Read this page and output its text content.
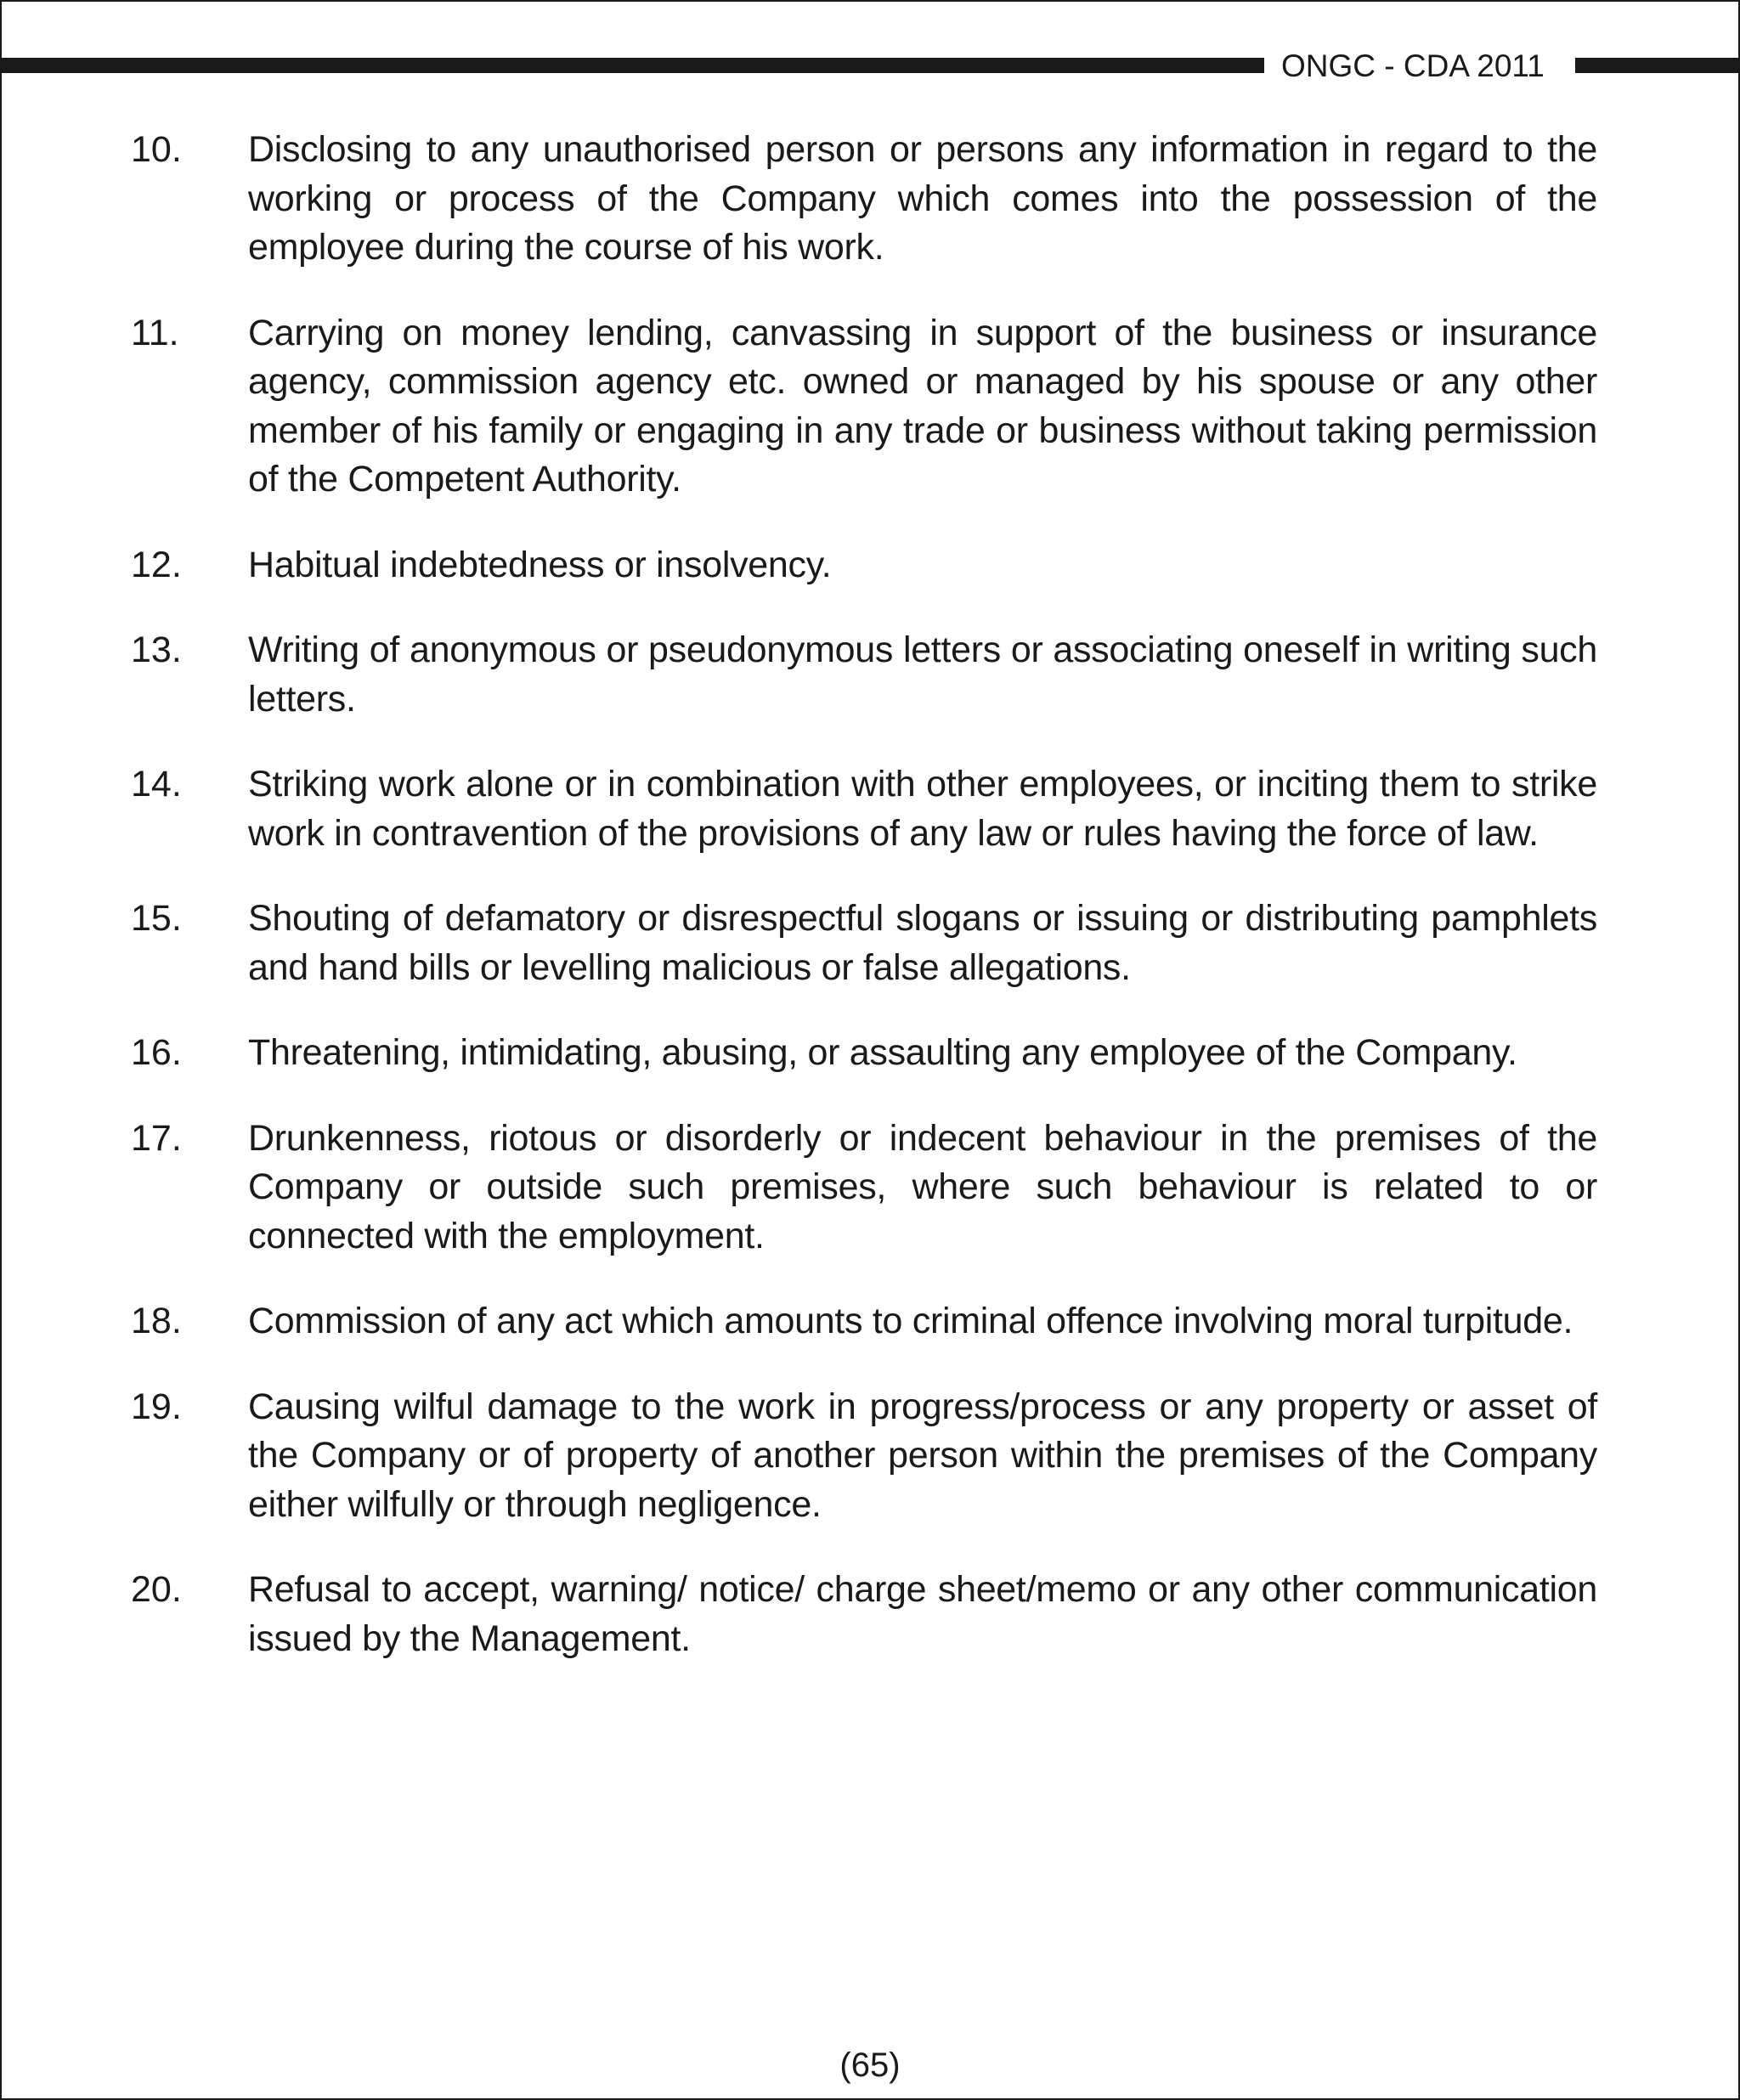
ONGC - CDA 2011
10.	Disclosing to any unauthorised person or persons any information in regard to the working or process of the Company which comes into the possession of the employee during the course of his work.
11.	Carrying on money lending, canvassing in support of the business or insurance agency, commission agency etc. owned or managed by his spouse or any other member of his family or engaging in any trade or business without taking permission of the Competent Authority.
12.	Habitual indebtedness or insolvency.
13.	Writing of anonymous or pseudonymous letters or associating oneself in writing such letters.
14.	Striking work alone or in combination with other employees, or inciting them to strike work in contravention of the provisions of any law or rules having the force of law.
15.	Shouting of defamatory or disrespectful slogans or issuing or distributing pamphlets and hand bills or levelling malicious or false allegations.
16.	Threatening, intimidating, abusing, or assaulting any employee of the Company.
17.	Drunkenness, riotous or disorderly or indecent behaviour in the premises of the Company or outside such premises, where such behaviour is related to or connected with the employment.
18.	Commission of any act which amounts to criminal offence involving moral turpitude.
19.	Causing wilful damage to the work in progress/process or any property or asset of the Company or of property of another person within the premises of the Company either wilfully or through negligence.
20.	Refusal to accept, warning/ notice/ charge sheet/memo or any other communication issued by the Management.
(65)
